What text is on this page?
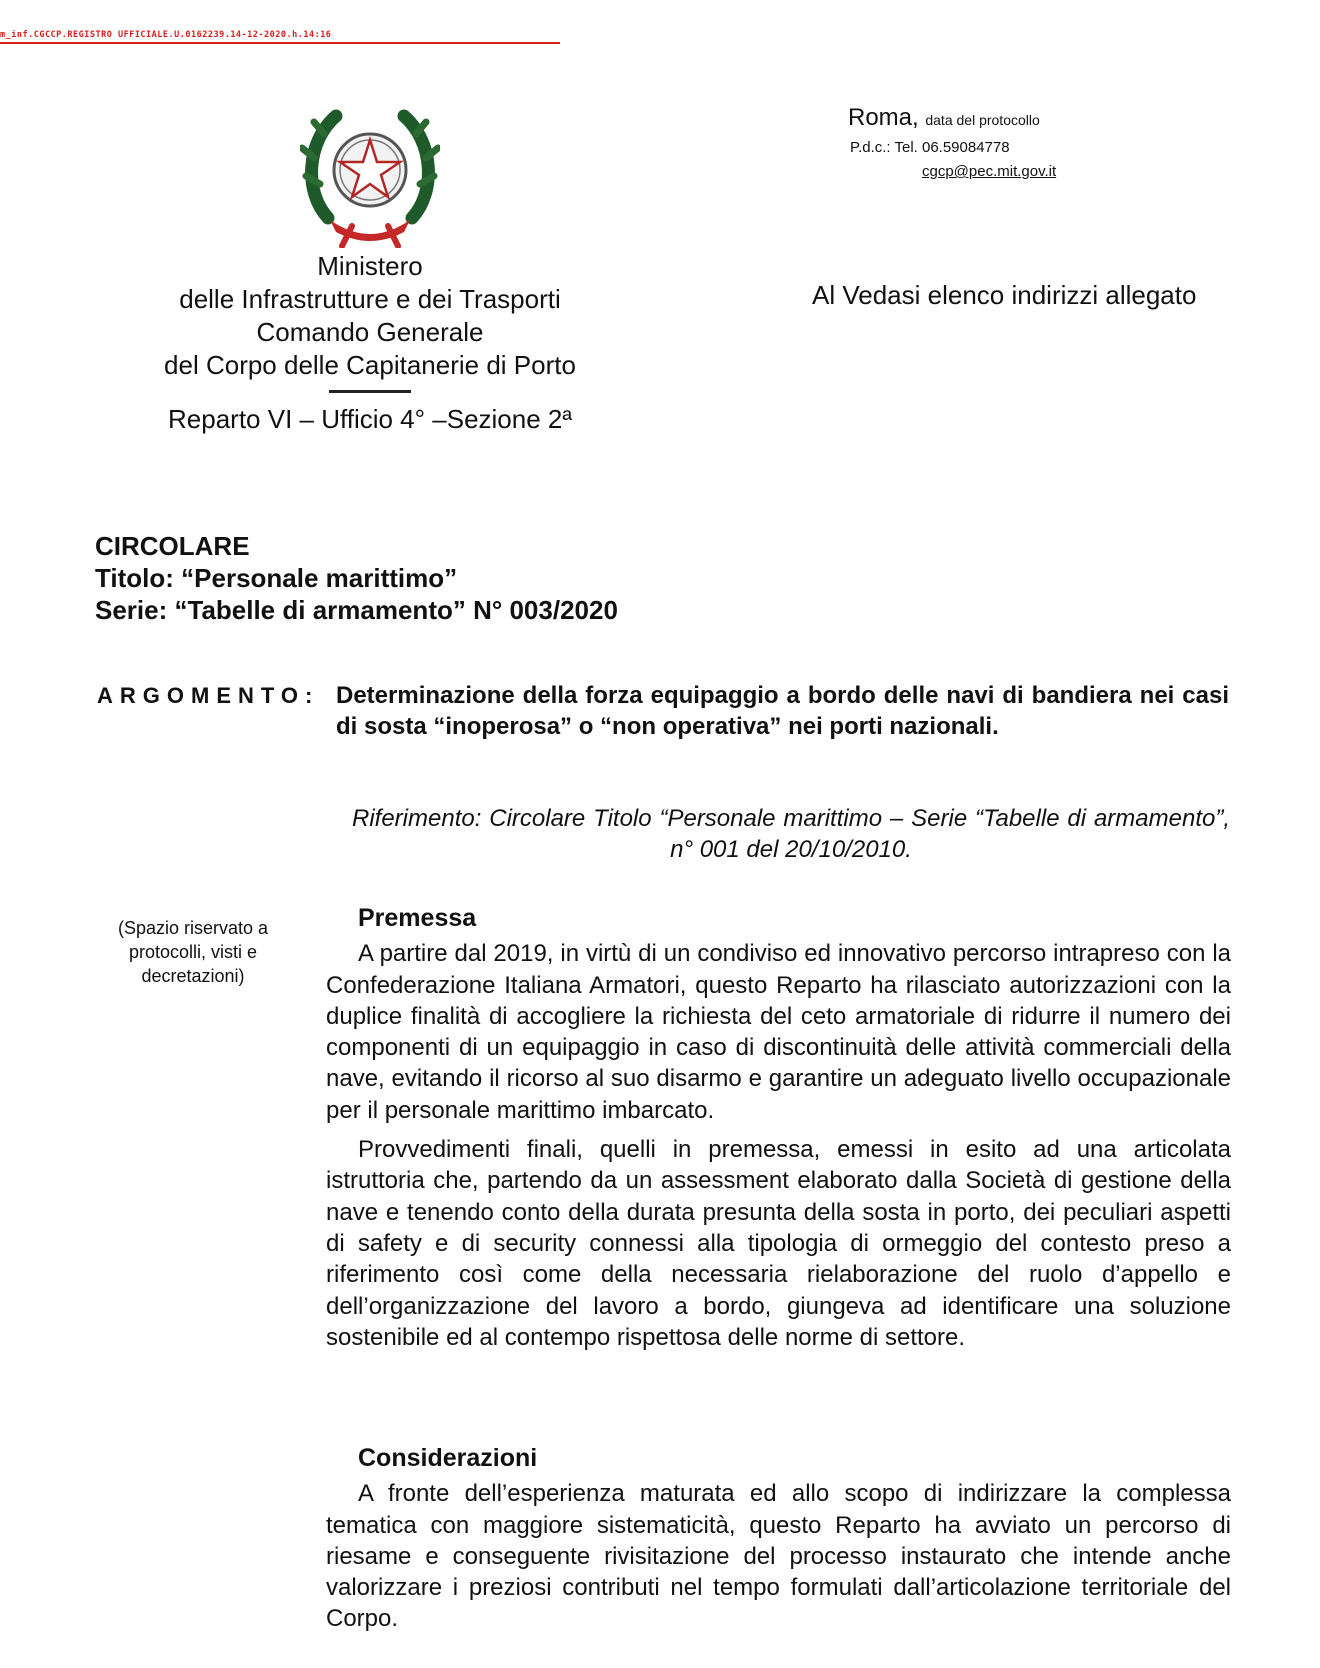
m_inf.CGCCP.REGISTRO UFFICIALE.U.0162239.14-12-2020.h.14:16
Ministero
delle Infrastrutture e dei Trasporti
Comando Generale
del Corpo delle Capitanerie di Porto
Reparto VI – Ufficio 4° –Sezione 2ª
Roma, data del protocollo
P.d.c.: Tel. 06.59084778
cgcp@pec.mit.gov.it
Al Vedasi elenco indirizzi allegato
CIRCOLARE
Titolo: “Personale marittimo”
Serie: “Tabelle di armamento” N° 003/2020
ARGOMENTO: Determinazione della forza equipaggio a bordo delle navi di bandiera nei casi di sosta “inoperosa” o “non operativa” nei porti nazionali.
Riferimento: Circolare Titolo “Personale marittimo – Serie “Tabelle di armamento”, n° 001 del 20/10/2010.
(Spazio riservato a protocolli, visti e decretazioni)
Premessa

A partire dal 2019, in virtù di un condiviso ed innovativo percorso intrapreso con la Confederazione Italiana Armatori, questo Reparto ha rilasciato autorizzazioni con la duplice finalità di accogliere la richiesta del ceto armatoriale di ridurre il numero dei componenti di un equipaggio in caso di discontinuità delle attività commerciali della nave, evitando il ricorso al suo disarmo e garantire un adeguato livello occupazionale per il personale marittimo imbarcato.

Provvedimenti finali, quelli in premessa, emessi in esito ad una articolata istruttoria che, partendo da un assessment elaborato dalla Società di gestione della nave e tenendo conto della durata presunta della sosta in porto, dei peculiari aspetti di safety e di security connessi alla tipologia di ormeggio del contesto preso a riferimento così come della necessaria rielaborazione del ruolo d’appello e dell’organizzazione del lavoro a bordo, giungeva ad identificare una soluzione sostenibile ed al contempo rispettosa delle norme di settore.

Considerazioni

A fronte dell’esperienza maturata ed allo scopo di indirizzare la complessa tematica con maggiore sistematicità, questo Reparto ha avviato un percorso di riesame e conseguente rivisitazione del processo instaurato che intende anche valorizzare i preziosi contributi nel tempo formulati dall’articolazione territoriale del Corpo.
